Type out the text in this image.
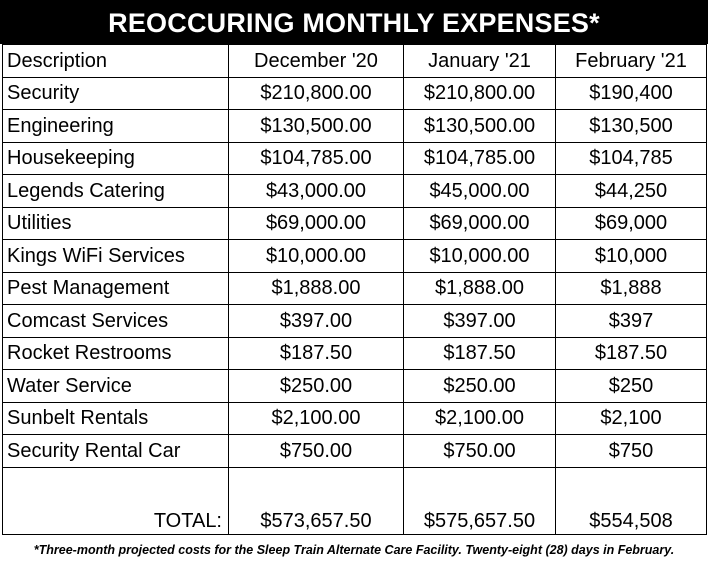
REOCCURING MONTHLY EXPENSES*
Description	December '20	January '21	February '21
Security	$210,800.00	$210,800.00	$190,400
Engineering	$130,500.00	$130,500.00	$130,500
Housekeeping	$104,785.00	$104,785.00	$104,785
Legends Catering	$43,000.00	$45,000.00	$44,250
Utilities	$69,000.00	$69,000.00	$69,000
Kings WiFi Services	$10,000.00	$10,000.00	$10,000
Pest Management	$1,888.00	$1,888.00	$1,888
Comcast Services	$397.00	$397.00	$397
Rocket Restrooms	$187.50	$187.50	$187.50
Water Service	$250.00	$250.00	$250
Sunbelt Rentals	$2,100.00	$2,100.00	$2,100
Security Rental Car	$750.00	$750.00	$750
TOTAL:	$573,657.50	$575,657.50	$554,508
*Three-month projected costs for the Sleep Train Alternate Care Facility. Twenty-eight (28) days in February.
